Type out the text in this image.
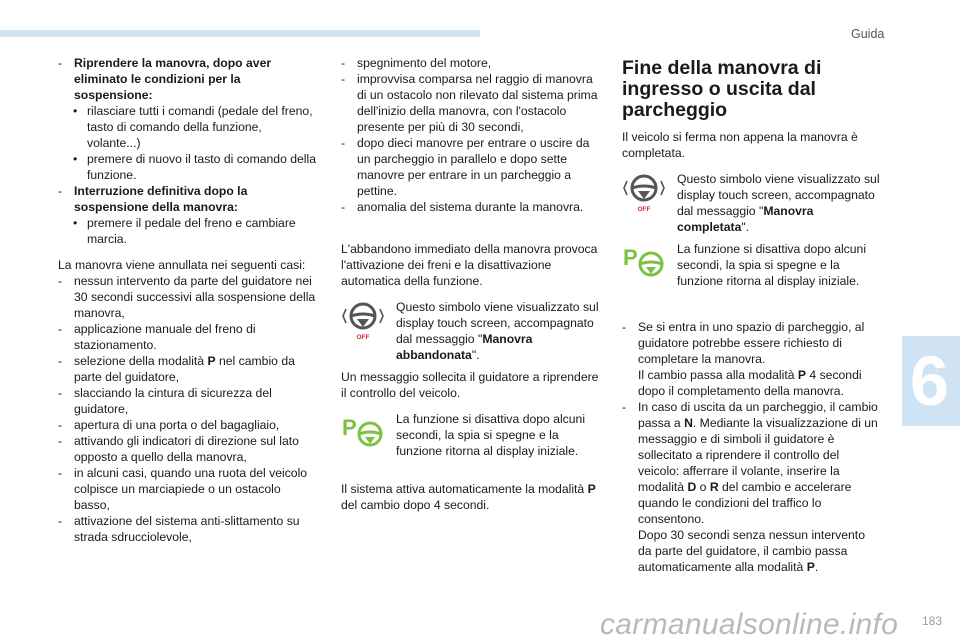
Guida
6

- Riprendere la manovra, dopo aver eliminato le condizioni per la sospensione:

• rilasciare tutti i comandi (pedale del freno, tasto di comando della funzione, volante...)

• premere di nuovo il tasto di comando della funzione.

- Interruzione definitiva dopo la sospensione della manovra:

• premere il pedale del freno e cambiare marcia.

La manovra viene annullata nei seguenti casi:

- nessun intervento da parte del guidatore nei 30 secondi successivi alla sospensione della manovra,

- applicazione manuale del freno di stazionamento.

- selezione della modalità P nel cambio da parte del guidatore,

- slacciando la cintura di sicurezza del guidatore,

- apertura di una porta o del bagagliaio,

- attivando gli indicatori di direzione sul lato opposto a quello della manovra,

- in alcuni casi, quando una ruota del veicolo colpisce un marciapiede o un ostacolo basso,

- attivazione del sistema anti-slittamento su strada sdrucciolevole,

- spegnimento del motore,

- improvvisa comparsa nel raggio di manovra di un ostacolo non rilevato dal sistema prima dell'inizio della manovra, con l'ostacolo presente per più di 30 secondi,

- dopo dieci manovre per entrare o uscire da un parcheggio in parallelo e dopo sette manovre per entrare in un parcheggio a pettine.

- anomalia del sistema durante la manovra.

L'abbandono immediato della manovra provoca l'attivazione dei freni e la disattivazione automatica della funzione.

OFF

Questo simbolo viene visualizzato sul display touch screen, accompagnato dal messaggio "Manovra abbandonata".

Un messaggio sollecita il guidatore a riprendere il controllo del veicolo.

P	La funzione si disattiva dopo alcuni secondi, la spia si spegne e la funzione ritorna al display iniziale.

Il sistema attiva automaticamente la modalità P del cambio dopo 4 secondi.

Fine della manovra di ingresso o uscita dal parcheggio

Il veicolo si ferma non appena la manovra è completata.

OFF

Questo simbolo viene visualizzato sul display touch screen, accompagnato dal messaggio "Manovra completata".

P	La funzione si disattiva dopo alcuni secondi, la spia si spegne e la funzione ritorna al display iniziale.

- Se si entra in uno spazio di parcheggio, al guidatore potrebbe essere richiesto di completare la manovra.

Il cambio passa alla modalità P 4 secondi dopo il completamento della manovra.

- In caso di uscita da un parcheggio, il cambio passa a N. Mediante la visualizzazione di un messaggio e di simboli il guidatore è sollecitato a riprendere il controllo del veicolo: afferrare il volante, inserire la modalità D o R del cambio e accelerare quando le condizioni del traffico lo consentono.

Dopo 30 secondi senza nessun intervento da parte del guidatore, il cambio passa automaticamente alla modalità P.

carmanualsonline.info 183
